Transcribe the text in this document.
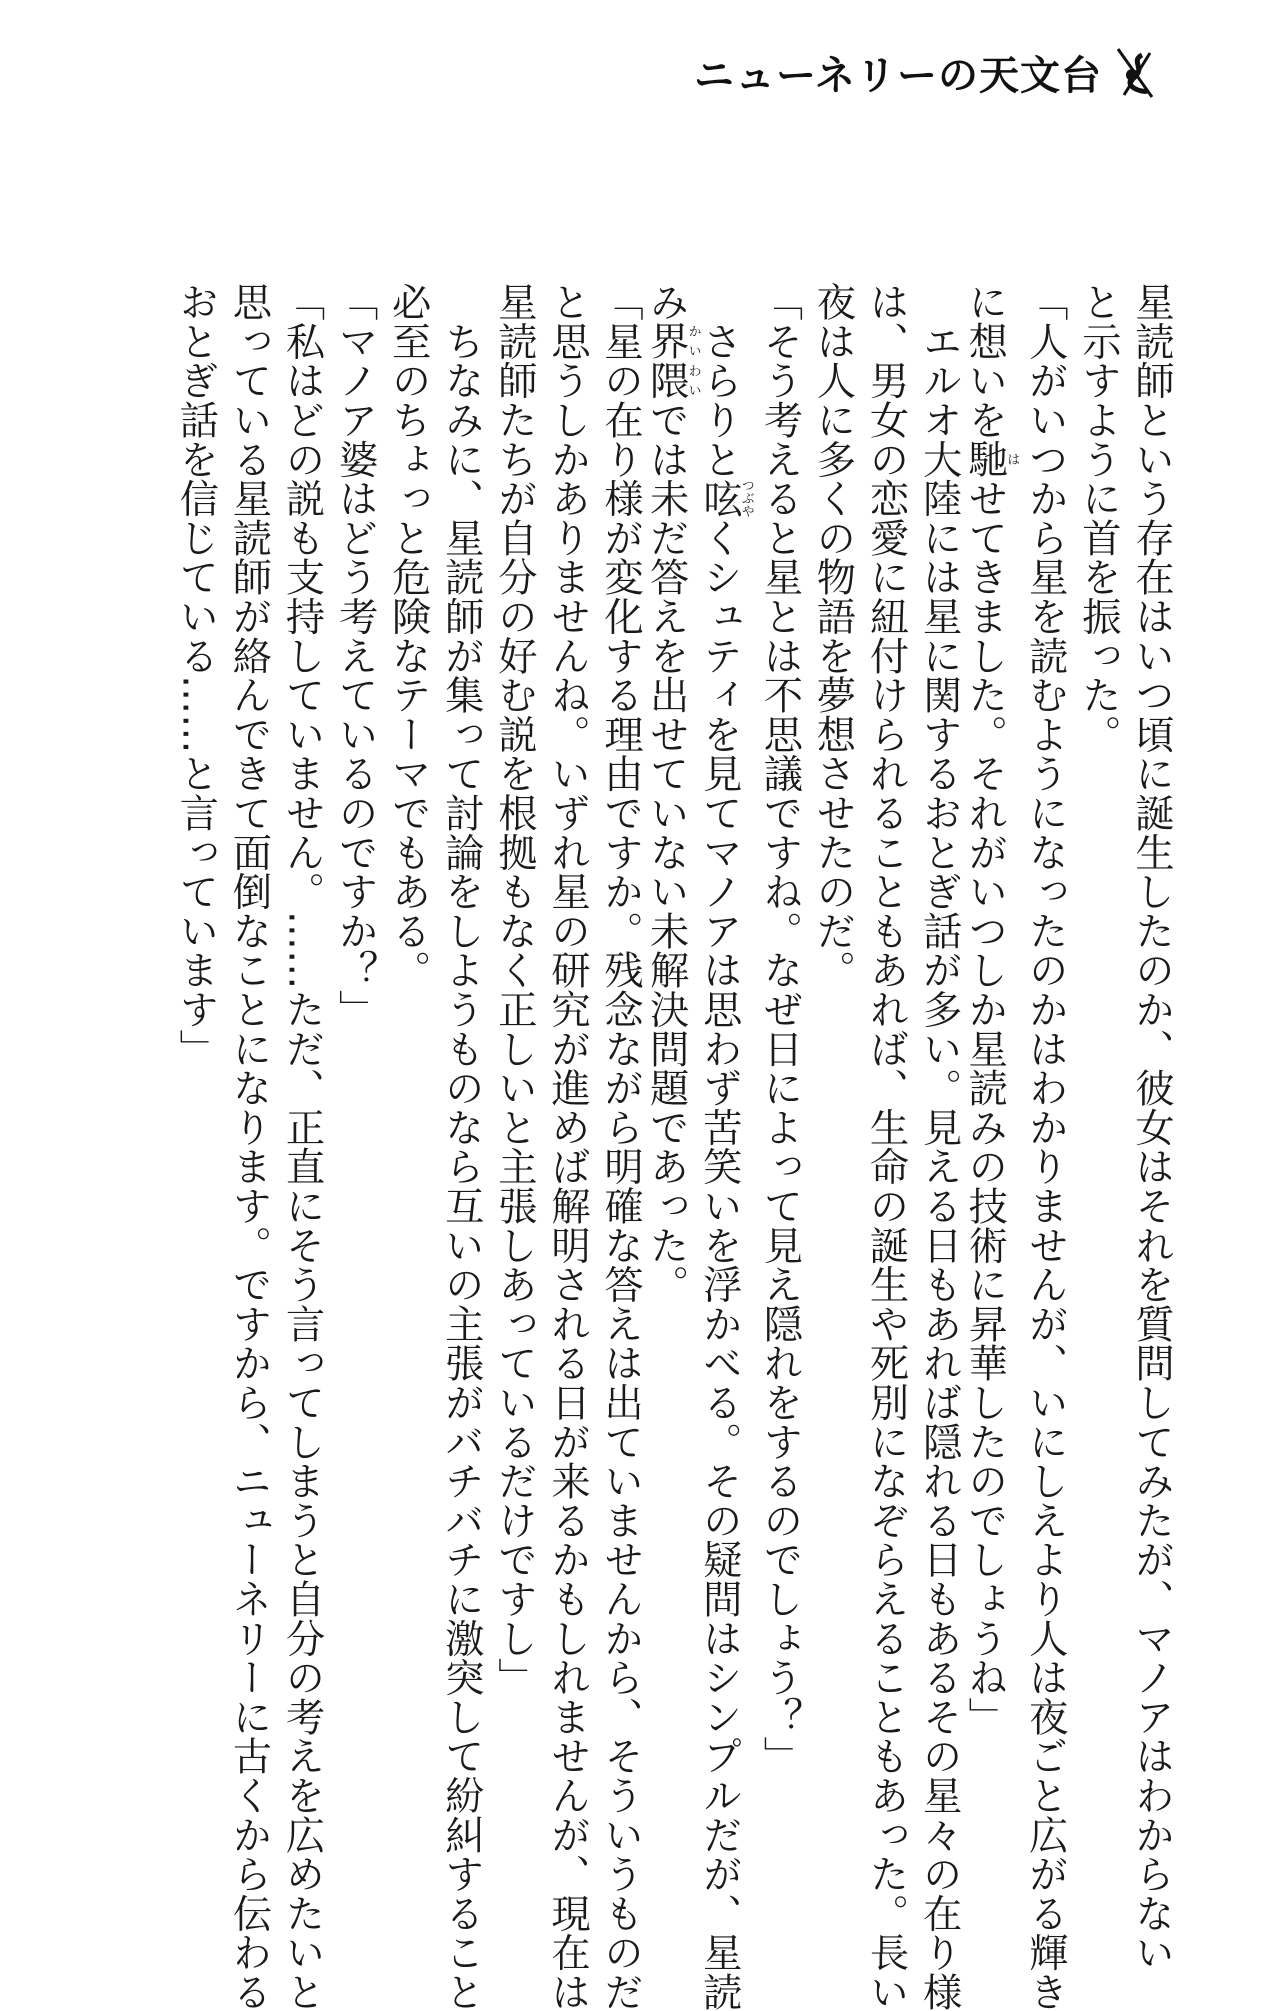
ニューネリーの天文台
星読師という存在はいつ頃に誕生したのか、彼女はそれを質問してみたが、マノアはわからない
と示すように首を振った。
「人がいつから星を読むようになったのかはわかりませんが、いにしえより人は夜ごと広がる輝き
に想いを馳はせてきました。それがいつしか星読みの技術に昇華したのでしょうね」
　エルオ大陸には星に関するおとぎ話が多い。見える日もあれば隠れる日もあるその星々の在り様
は、男女の恋愛に紐付けられることもあれば、生命の誕生や死別になぞらえることもあった。長い
夜は人に多くの物語を夢想させたのだ。
「そう考えると星とは不思議ですね。なぜ日によって見え隠れをするのでしょう？」
　さらりと呟つぶやくシュティを見てマノアは思わず苦笑いを浮かべる。その疑問はシンプルだが、星読
み界隈かいわいでは未だ答えを出せていない未解決問題であった。
「星の在り様が変化する理由ですか。残念ながら明確な答えは出ていませんから、そういうものだ
と思うしかありませんね。いずれ星の研究が進めば解明される日が来るかもしれませんが、現在は
星読師たちが自分の好む説を根拠もなく正しいと主張しあっているだけですし」
　ちなみに、星読師が集って討論をしようものなら互いの主張がバチバチに激突して紛糾すること
必至のちょっと危険なテーマでもある。
「マノア婆はどう考えているのですか？」
「私はどの説も支持していません。……ただ、正直にそう言ってしまうと自分の考えを広めたいと
思っている星読師が絡んできて面倒なことになります。ですから、ニューネリーに古くから伝わる
おとぎ話を信じている……と言っています」
